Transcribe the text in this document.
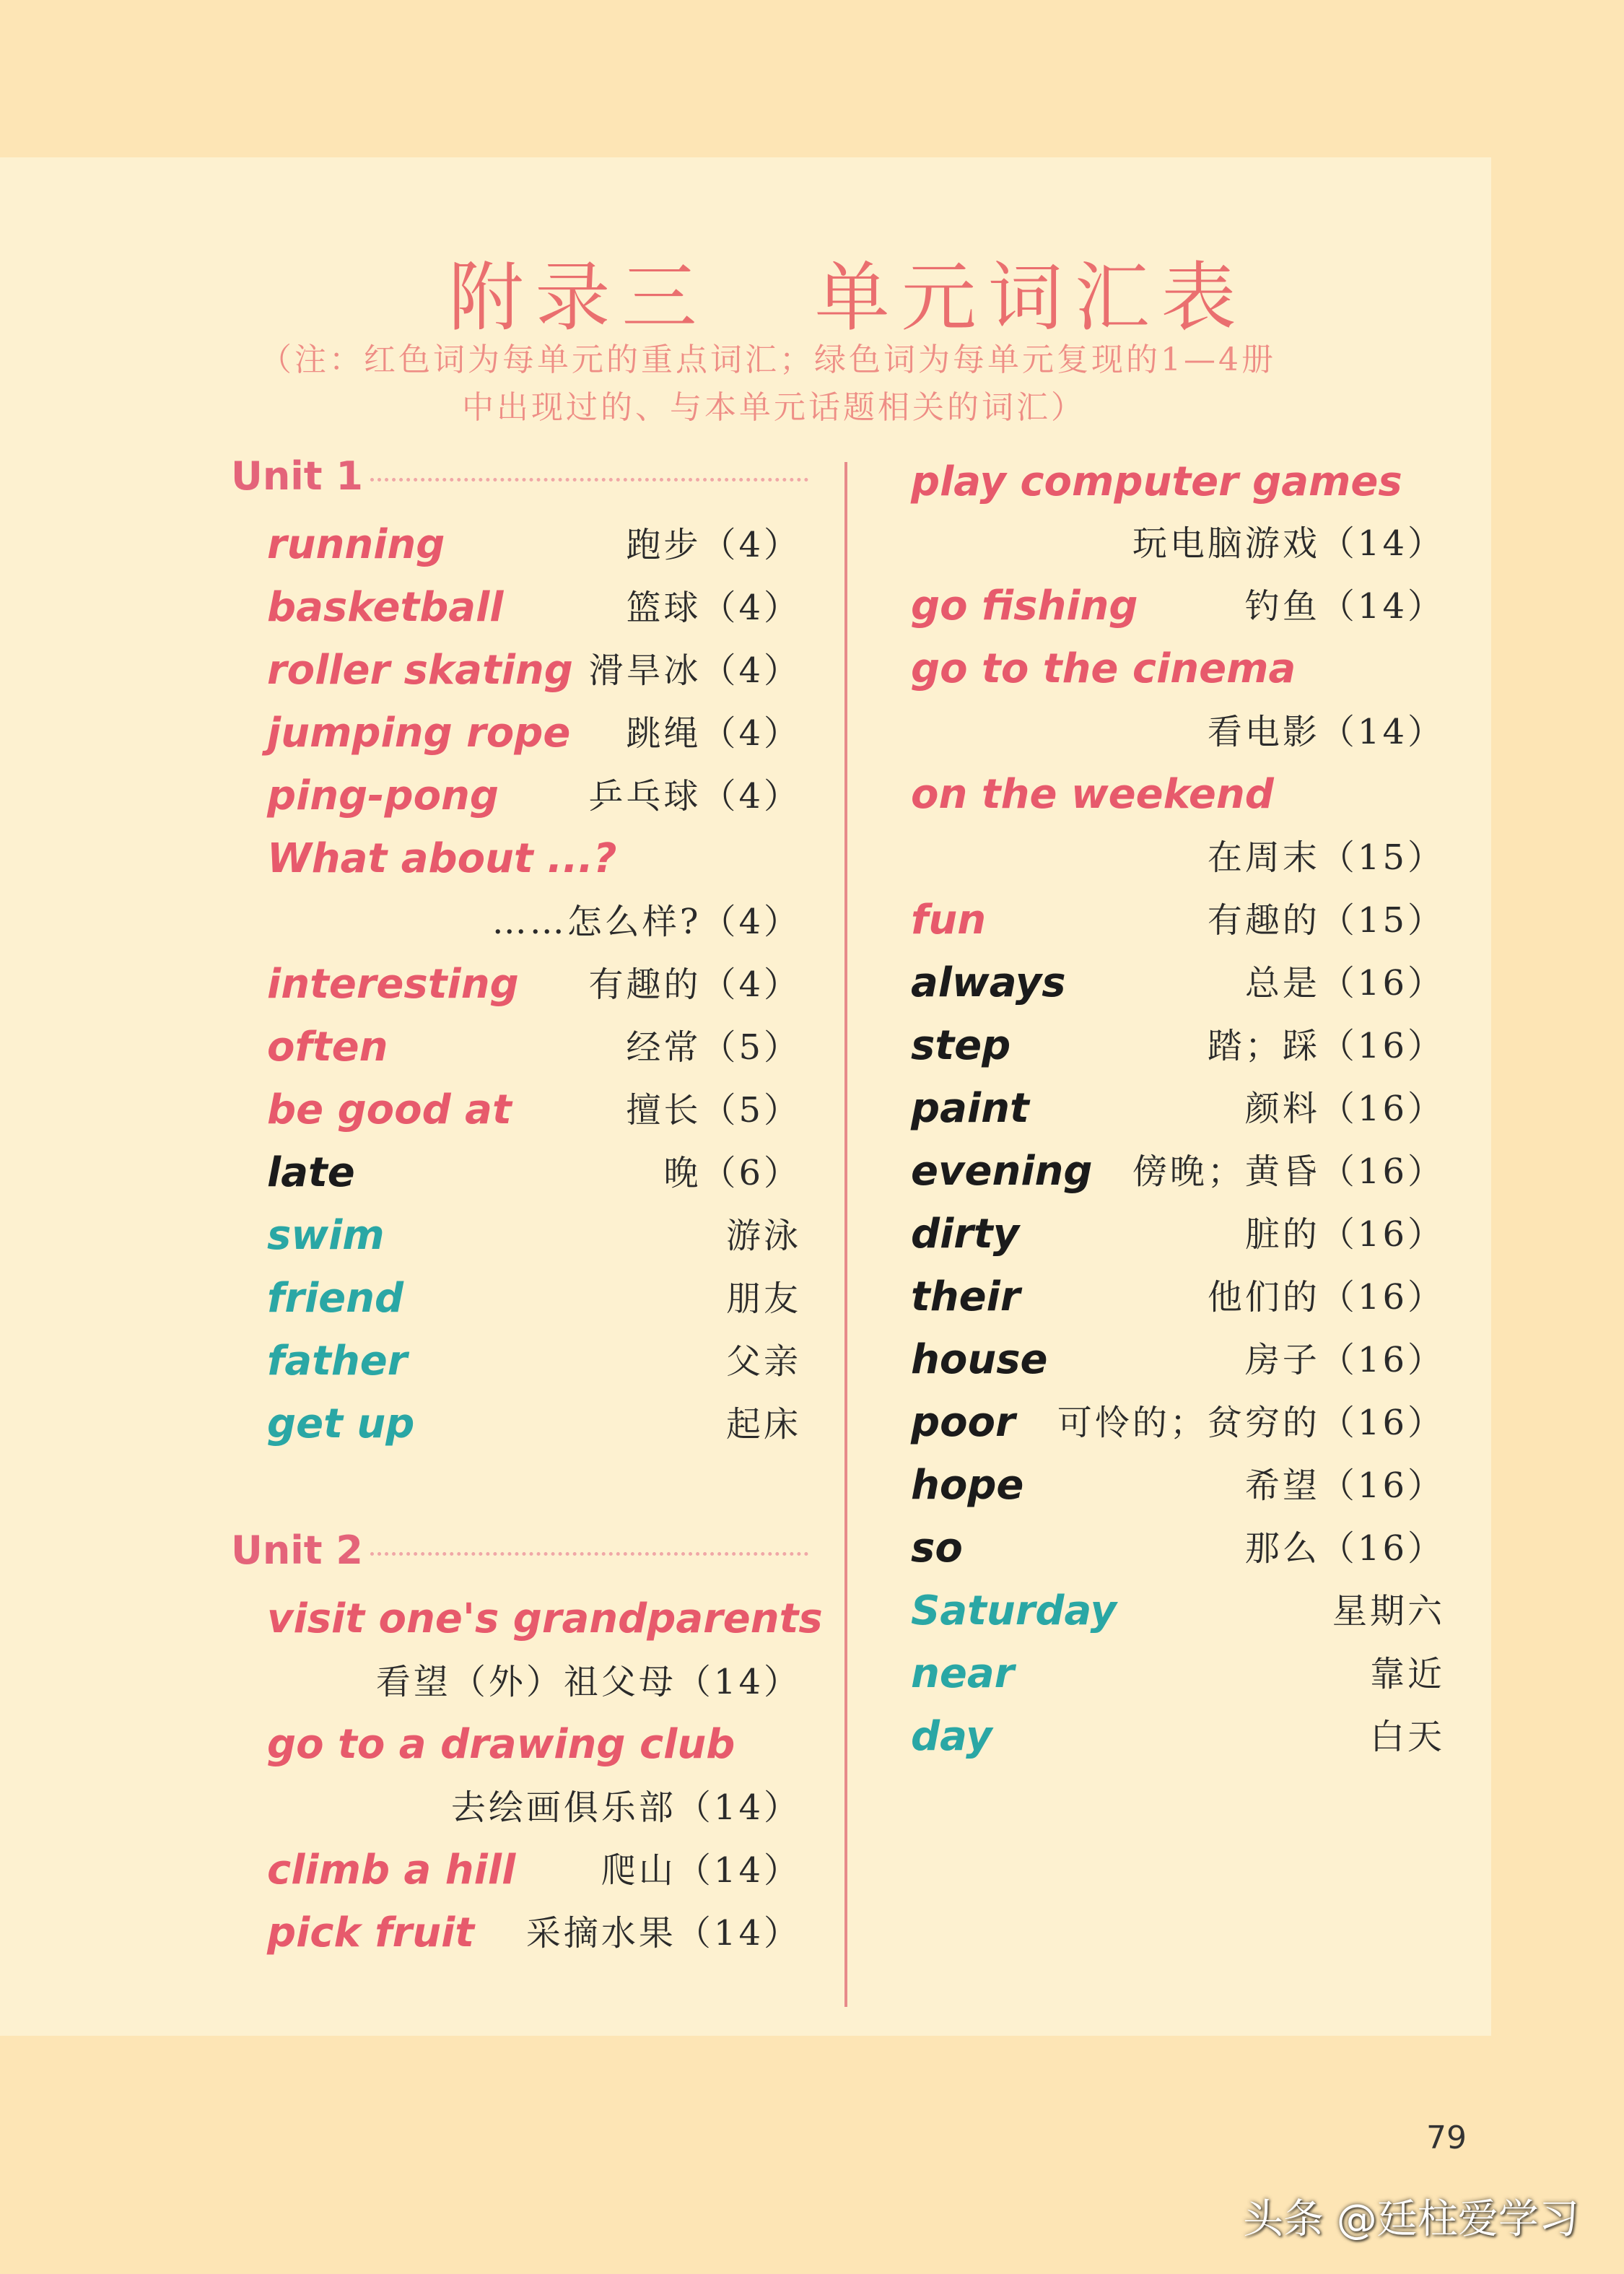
附录三   单元词汇表
（注：红色词为每单元的重点词汇；绿色词为每单元复现的1—4册
中出现过的、与本单元话题相关的词汇）
Unit 1
Unit 2
running	跑步（4）
basketball	篮球（4）
roller skating 滑旱冰（4）
jumping rope 跳绳（4）
ping-pong	乒乓球（4）
What about ...?
……怎么样?（4）
interesting 有趣的（4）
often	经常（5）
be good at	擅长（5）
late	晚（6）
swim	游泳
friend	朋友
father	父亲
get up	起床
visit one's grandparents
看望（外）祖父母（14）
go to a drawing club
去绘画俱乐部（14）
climb a hill 爬山（14）
pick fruit 采摘水果（14）
play computer games
玩电脑游戏（14）
go fishing	钓鱼（14）
go to the cinema
看电影（14）
on the weekend
在周末（15）
fun	有趣的（15）
always	总是（16）
step	踏；踩（16）
paint	颜料（16）
evening 傍晚；黄昏（16）
dirty	脏的（16）
their	他们的（16）
house	房子（16）
poor 可怜的；贫穷的（16）
hope	希望（16）
so	那么（16）
Saturday	星期六
near	靠近
day	白天
79
头条 @廷柱爱学习
